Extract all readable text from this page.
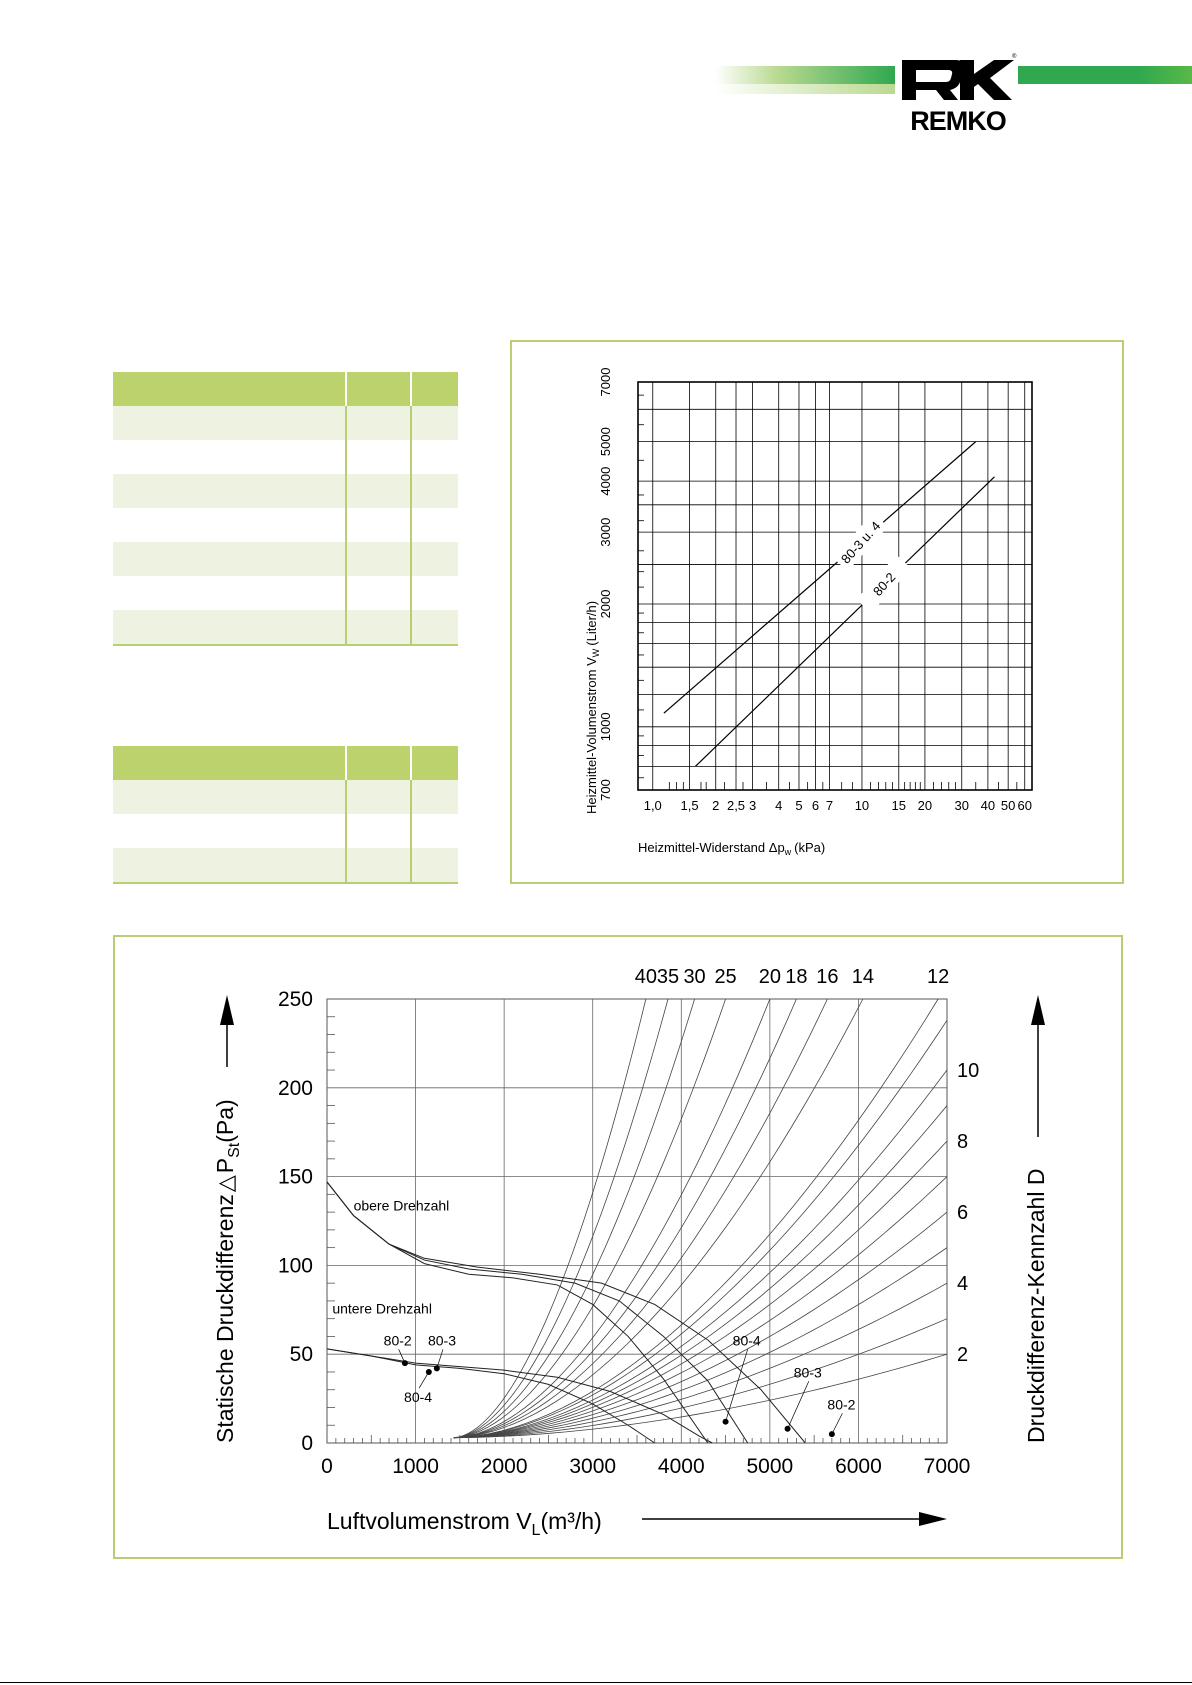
REMKO
®

80-3 u. 4
80-2
1,0 1,5 2 2,5 3 4 5 6 7 10 15 20 30 40 50 60
700
1000
2000
3000
4000
5000
7000
Heizmittel-Widerstand $\Delta p_w$ (kPa)
Heizmittel-Volumenstrom $V_W(Liter/h)$
0	1000 2000 3000 4000 5000 6000 7000
0
50
100
150
200
250
40 35 30 25 20 18 16 14	12
10
8
6
4
2
obere Drehzahl
untere Drehzahl
80-2 80-3
80-4
80-4
80-3
80-2
Luftvolumenstrom $V_L(m^3/h)$
Statische $Druckdifferenz\triangle P_{St}(Pa)$
Druckdifferenz-Kennzahl D
